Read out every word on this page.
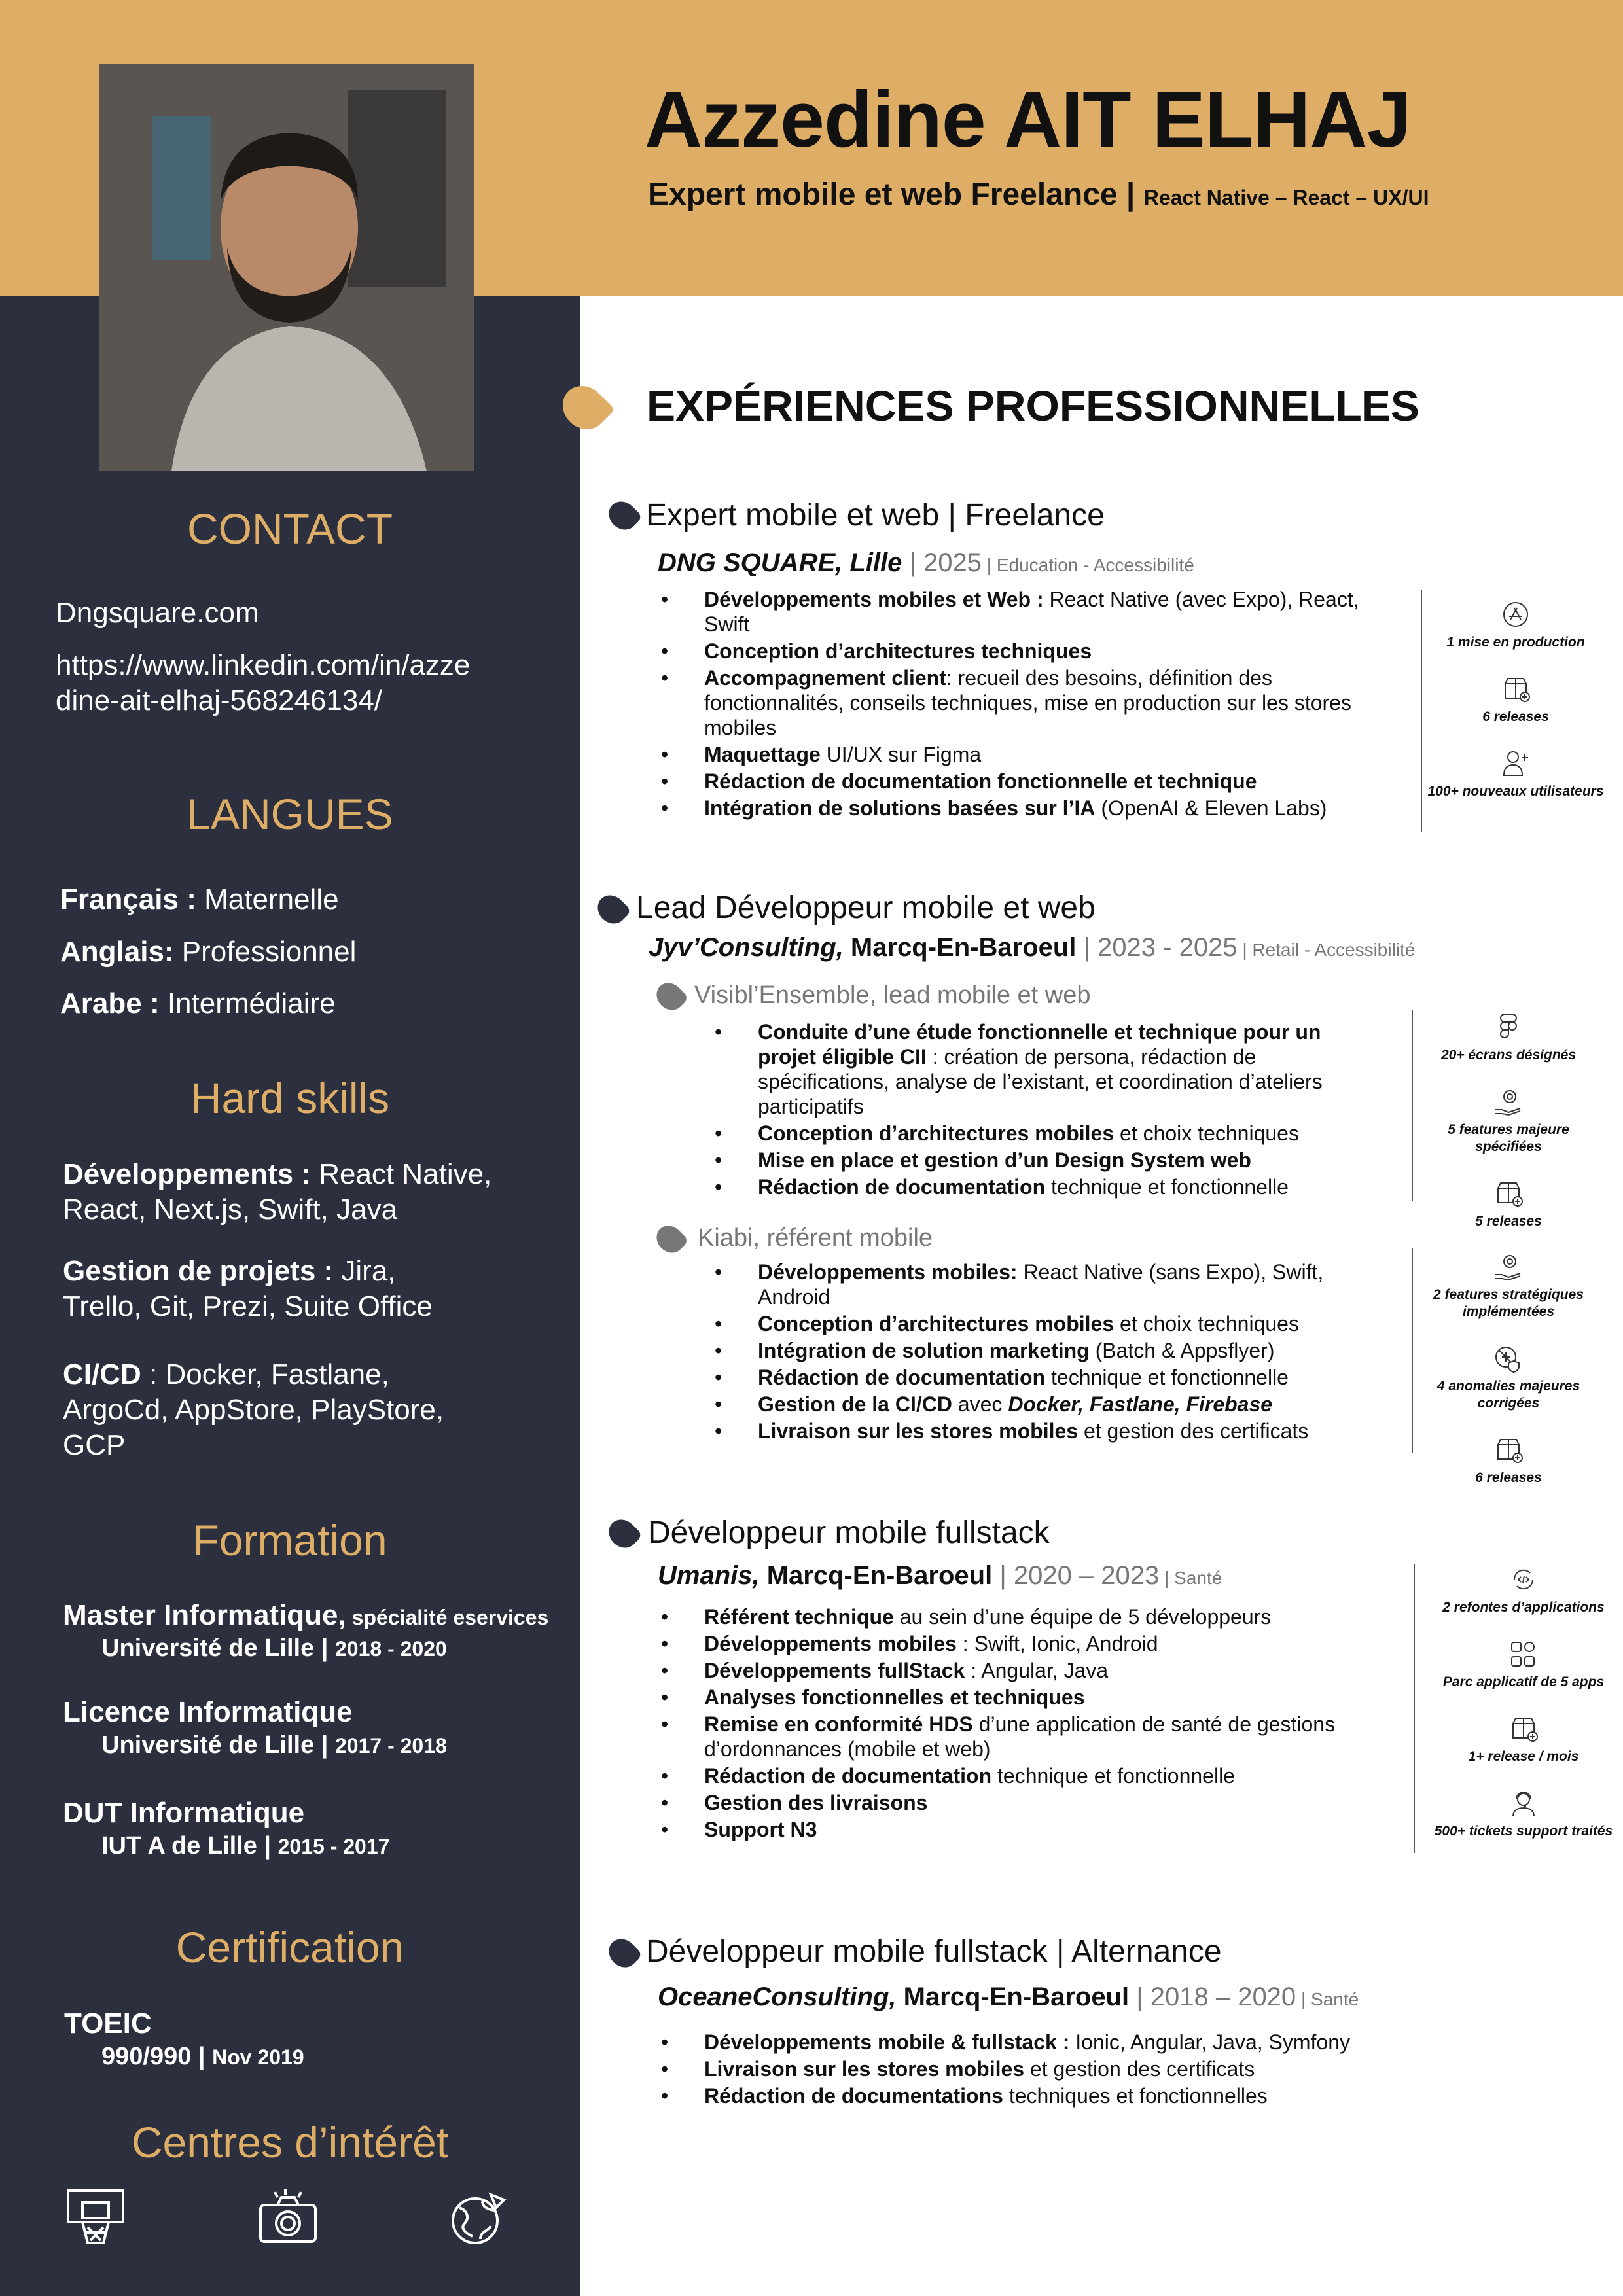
Azzedine AIT ELHAJ
Expert mobile et web Freelance | React Native – React – UX/UI
CONTACT
Dngsquare.com
https://www.linkedin.com/in/azze
dine-ait-elhaj-568246134/
LANGUES
Français : Maternelle
Anglais: Professionnel
Arabe : Intermédiaire
Hard skills
Développements : React Native, React, Next.js, Swift, Java
Gestion de projets : Jira, Trello, Git, Prezi, Suite Office
CI/CD : Docker, Fastlane, ArgoCd, AppStore, PlayStore, GCP
Formation
Master Informatique, spécialité eservices
Université de Lille | 2018 - 2020
Licence Informatique
Université de Lille | 2017 - 2018
DUT Informatique
IUT A de Lille | 2015 - 2017
Certification
TOEIC
990/990 | Nov 2019
Centres d’intérêt
EXPÉRIENCES PROFESSIONNELLES
Expert mobile et web | Freelance
DNG SQUARE, Lille | 2025 | Education - Accessibilité
• Développements mobiles et Web : React Native (avec Expo), React, Swift
• Conception d’architectures techniques
• Accompagnement client: recueil des besoins, définition des fonctionnalités, conseils techniques, mise en production sur les stores mobiles
• Maquettage UI/UX sur Figma
• Rédaction de documentation fonctionnelle et technique
• Intégration de solutions basées sur l’IA (OpenAI & Eleven Labs)
1 mise en production
6 releases
100+ nouveaux utilisateurs
Lead Développeur mobile et web
Jyv’Consulting, Marcq-En-Baroeul | 2023 - 2025 | Retail - Accessibilité
Visibl’Ensemble, lead mobile et web
• Conduite d’une étude fonctionnelle et technique pour un projet éligible CII : création de persona, rédaction de spécifications, analyse de l’existant, et coordination d’ateliers participatifs
• Conception d’architectures mobiles et choix techniques
• Mise en place et gestion d’un Design System web
• Rédaction de documentation technique et fonctionnelle
20+ écrans désignés
5 features majeure spécifiées
5 releases
Kiabi, référent mobile
• Développements mobiles: React Native (sans Expo), Swift, Android
• Conception d’architectures mobiles et choix techniques
• Intégration de solution marketing (Batch & Appsflyer)
• Rédaction de documentation technique et fonctionnelle
• Gestion de la CI/CD avec Docker, Fastlane, Firebase
• Livraison sur les stores mobiles et gestion des certificats
2 features stratégiques implémentées
4 anomalies majeures corrigées
6 releases
Développeur mobile fullstack
Umanis, Marcq-En-Baroeul | 2020 – 2023 | Santé
• Référent technique au sein d’une équipe de 5 développeurs
• Développements mobiles : Swift, Ionic, Android
• Développements fullStack : Angular, Java
• Analyses fonctionnelles et techniques
• Remise en conformité HDS d’une application de santé de gestions d’ordonnances (mobile et web)
• Rédaction de documentation technique et fonctionnelle
• Gestion des livraisons
• Support N3
2 refontes d’applications
Parc applicatif de 5 apps
1+ release / mois
500+ tickets support traités
Développeur mobile fullstack | Alternance
OceaneConsulting, Marcq-En-Baroeul | 2018 – 2020 | Santé
• Développements mobile & fullstack : Ionic, Angular, Java, Symfony
• Livraison sur les stores mobiles et gestion des certificats
• Rédaction de documentations techniques et fonctionnelles
